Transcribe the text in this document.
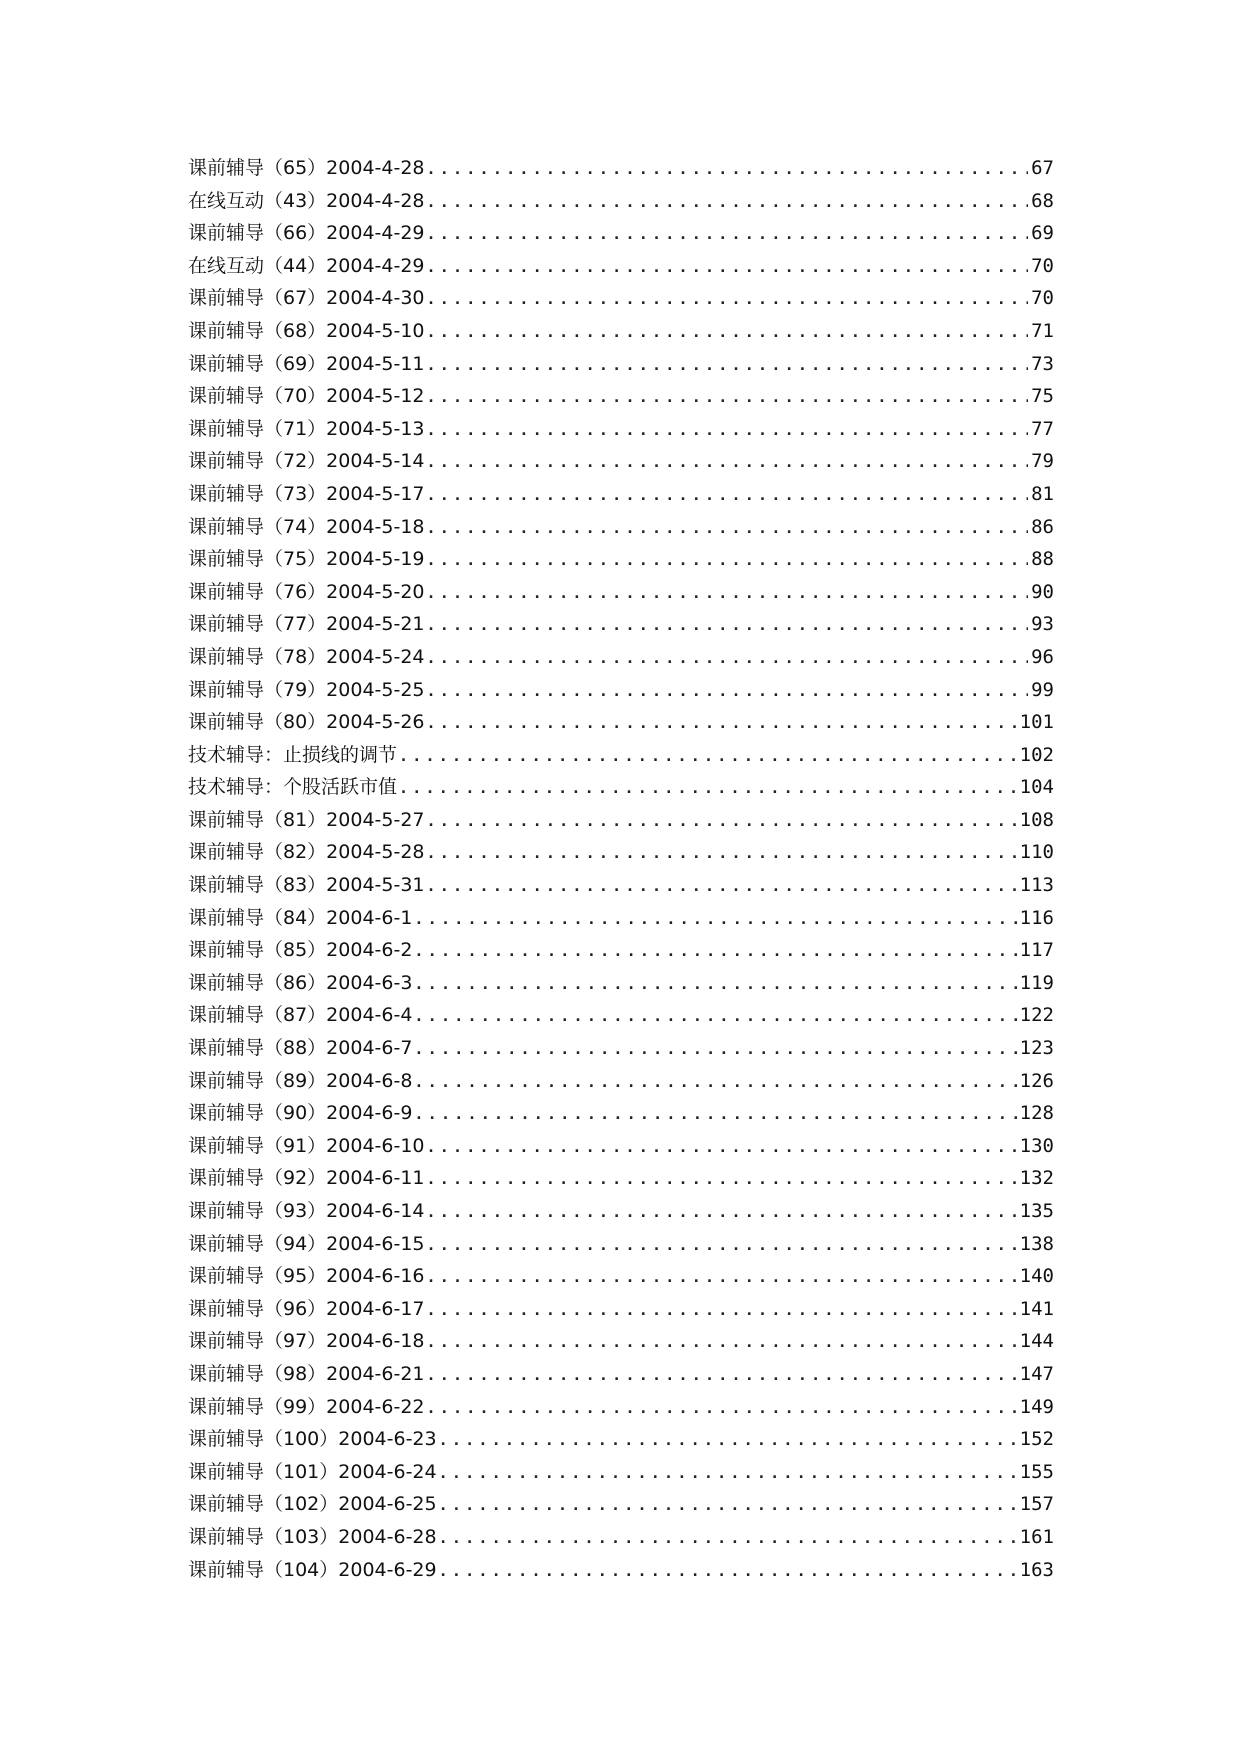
课前辅导（65）2004-4-28 . . .	67
在线互动（43）2004-4-28 . . .	68
课前辅导（66）2004-4-29 . . .	69
在线互动（44）2004-4-29 . . .	70
课前辅导（67）2004-4-30 . . .	70
课前辅导（68）2004-5-10 . . .	71
课前辅导（69）2004-5-11 . . .	73
课前辅导（70）2004-5-12 . . .	75
课前辅导（71）2004-5-13 . . .	77
课前辅导（72）2004-5-14 . . .	79
课前辅导（73）2004-5-17 . . .	81
课前辅导（74）2004-5-18 . . .	86
课前辅导（75）2004-5-19 . . .	88
课前辅导（76）2004-5-20 . . .	90
课前辅导（77）2004-5-21 . . .	93
课前辅导（78）2004-5-24 . . .	96
课前辅导（79）2004-5-25 . . .	99
课前辅导（80）2004-5-26 . . .	101
技术辅导：止损线的调节 . . .	102
技术辅导：个股活跃市值 . . .	104
课前辅导（81）2004-5-27 . . .	108
课前辅导（82）2004-5-28 . . .	110
课前辅导（83）2004-5-31 . . .	113
课前辅导（84）2004-6-1 . . .	116
课前辅导（85）2004-6-2 . . .	117
课前辅导（86）2004-6-3 . . .	119
课前辅导（87）2004-6-4 . . .	122
课前辅导（88）2004-6-7 . . .	123
课前辅导（89）2004-6-8 . . .	126
课前辅导（90）2004-6-9 . . .	128
课前辅导（91）2004-6-10 . . .	130
课前辅导（92）2004-6-11 . . .	132
课前辅导（93）2004-6-14 . . .	135
课前辅导（94）2004-6-15 . . .	138
课前辅导（95）2004-6-16 . . .	140
课前辅导（96）2004-6-17 . . .	141
课前辅导（97）2004-6-18 . . .	144
课前辅导（98）2004-6-21 . . .	147
课前辅导（99）2004-6-22 . . .	149
课前辅导（100）2004-6-23 . . .	152
课前辅导（101）2004-6-24 . . .	155
课前辅导（102）2004-6-25 . . .	157
课前辅导（103）2004-6-28 . . .	161
课前辅导（104）2004-6-29 . . .	163
